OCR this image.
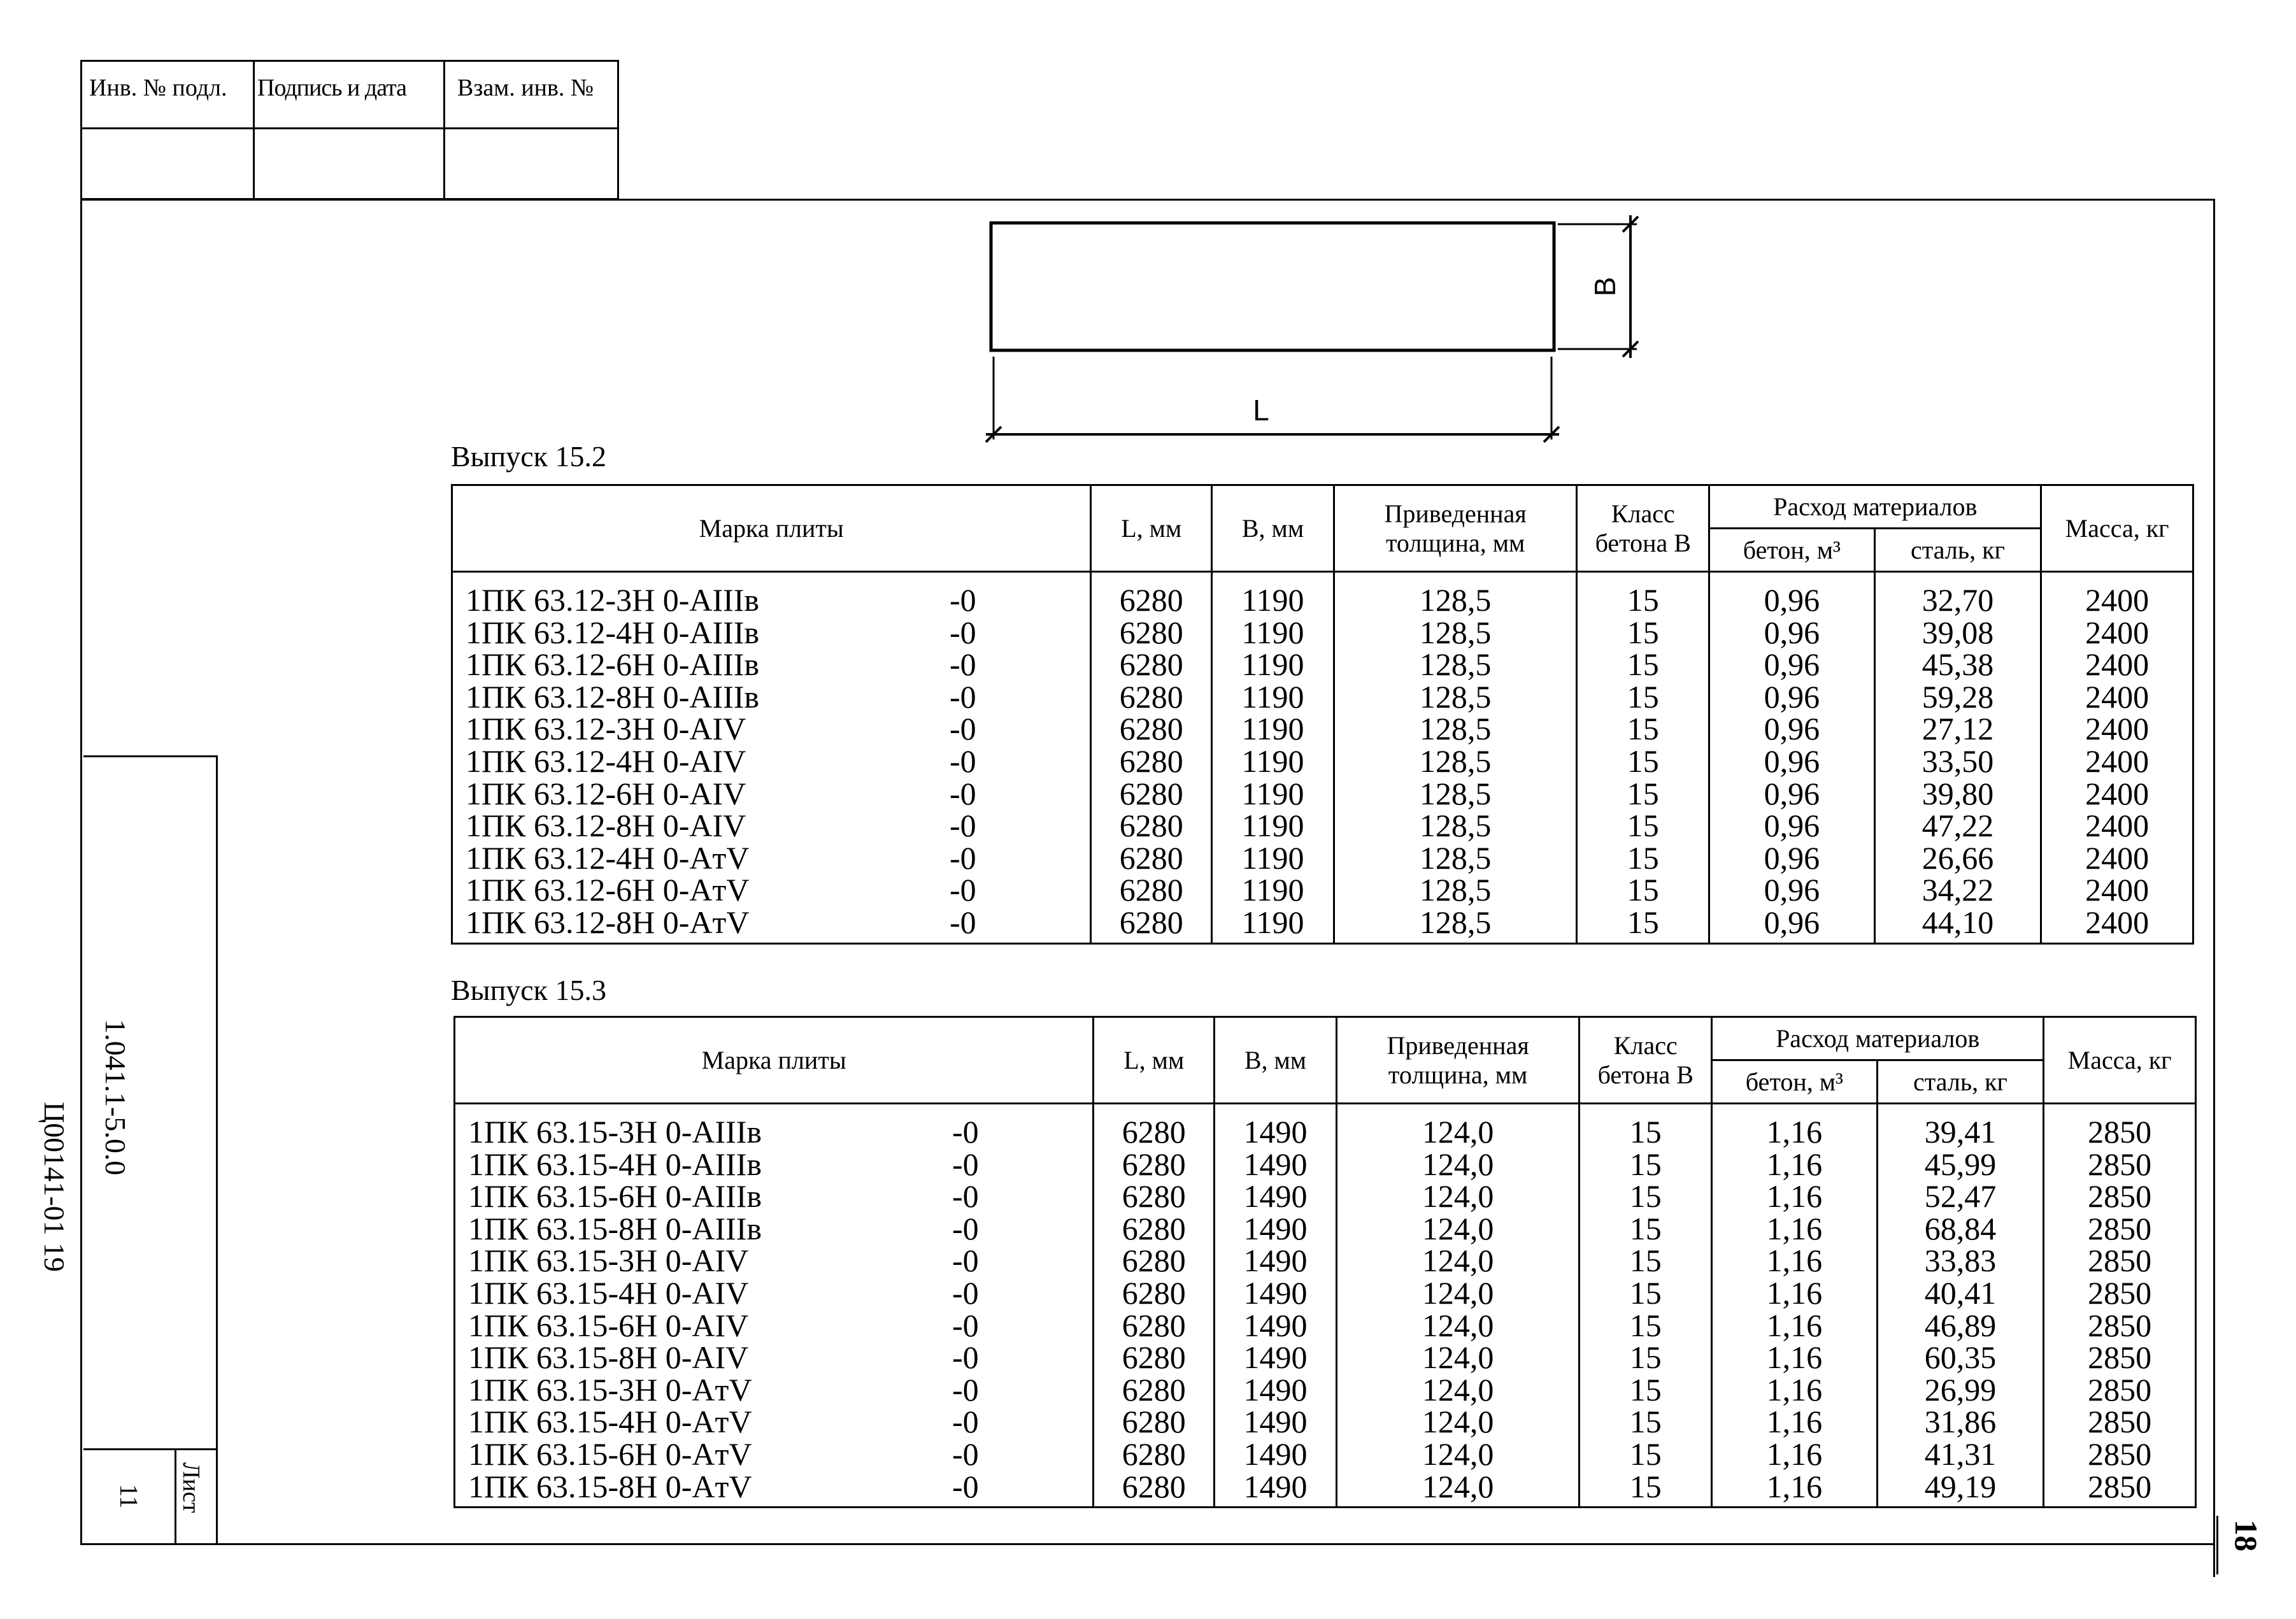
Инв. № подл. Подпись и дата Взам. инв. №
1.041.1-5.0.0
Ц00141-01 19
Лист
11
18
L
B
Выпуск 15.2
Марка плиты	L, мм	B, мм	Приведенная толщина, мм	Класс бетона B	Расход материалов		Масса, кг
					бетон, м³	сталь, кг	
1ПК 63.12-3Н 0-AIIIв -0	6280	1190	128,5	15	0,96	32,70	2400
1ПК 63.12-4Н 0-AIIIв -0	6280	1190	128,5	15	0,96	39,08	2400
1ПК 63.12-6Н 0-AIIIв -0	6280	1190	128,5	15	0,96	45,38	2400
1ПК 63.12-8Н 0-AIIIв -0	6280	1190	128,5	15	0,96	59,28	2400
1ПК 63.12-3Н 0-AIV -0	6280	1190	128,5	15	0,96	27,12	2400
1ПК 63.12-4Н 0-AIV -0	6280	1190	128,5	15	0,96	33,50	2400
1ПК 63.12-6Н 0-AIV -0	6280	1190	128,5	15	0,96	39,80	2400
1ПК 63.12-8Н 0-AIV -0	6280	1190	128,5	15	0,96	47,22	2400
1ПК 63.12-4Н 0-AтV -0	6280	1190	128,5	15	0,96	26,66	2400
1ПК 63.12-6Н 0-AтV -0	6280	1190	128,5	15	0,96	34,22	2400
1ПК 63.12-8Н 0-AтV -0	6280	1190	128,5	15	0,96	44,10	2400
Выпуск 15.3
Марка плиты	L, мм	B, мм	Приведенная толщина, мм	Класс бетона B	Расход материалов		Масса, кг
					бетон, м³	сталь, кг	
1ПК 63.15-3Н 0-AIIIв -0	6280	1490	124,0	15	1,16	39,41	2850
1ПК 63.15-4Н 0-AIIIв -0	6280	1490	124,0	15	1,16	45,99	2850
1ПК 63.15-6Н 0-AIIIв -0	6280	1490	124,0	15	1,16	52,47	2850
1ПК 63.15-8Н 0-AIIIв -0	6280	1490	124,0	15	1,16	68,84	2850
1ПК 63.15-3Н 0-AIV -0	6280	1490	124,0	15	1,16	33,83	2850
1ПК 63.15-4Н 0-AIV -0	6280	1490	124,0	15	1,16	40,41	2850
1ПК 63.15-6Н 0-AIV -0	6280	1490	124,0	15	1,16	46,89	2850
1ПК 63.15-8Н 0-AIV -0	6280	1490	124,0	15	1,16	60,35	2850
1ПК 63.15-3Н 0-AтV -0	6280	1490	124,0	15	1,16	26,99	2850
1ПК 63.15-4Н 0-AтV -0	6280	1490	124,0	15	1,16	31,86	2850
1ПК 63.15-6Н 0-AтV -0	6280	1490	124,0	15	1,16	41,31	2850
1ПК 63.15-8Н 0-AтV -0	6280	1490	124,0	15	1,16	49,19	2850
